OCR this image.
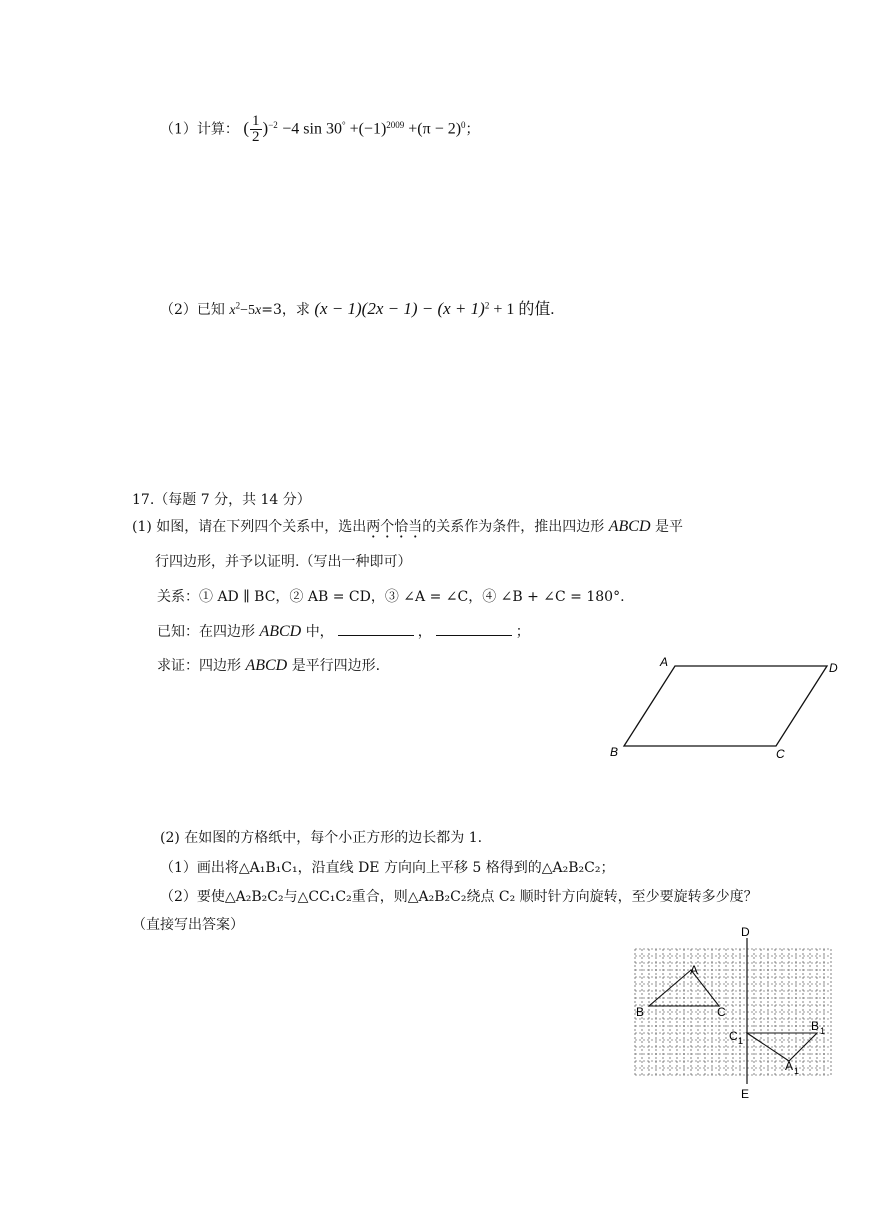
（1）计算： ( $\frac{1}{2} )^{-2} -4$ $\sin 30^\circ +(-1)^{2009} +(\pi - 2)^0$；
（2）已知 $x^2-5x=3$，求 $(x - 1)(2x - 1) - (x + 1)^2 + 1$ 的值.
17.（每题 7 分，共 14 分）
(1) 如图，请在下列四个关系中，选出两个恰当的关系作为条件，推出四边形 ABCD 是平
行四边形，并予以证明.（写出一种即可）
关系：① AD ∥ BC，② AB = CD，③ ∠A = ∠C，④ ∠B + ∠C = 180°.
已知：在四边形 ABCD 中，	，	；
求证：四边形 ABCD 是平行四边形.	A	D
B	C
(2) 在如图的方格纸中，每个小正方形的边长都为 1.
（1）画出将△A₁B₁C₁，沿直线 DE 方向向上平移 5 格得到的△A₂B₂C₂；
（2）要使△A₂B₂C₂与△CC₁C₂重合，则△A₂B₂C₂绕点 C₂ 顺时针方向旋转，至少要旋转多少度？
（直接写出答案）	D
E
A
B	C
C 1
B 1
A 1
